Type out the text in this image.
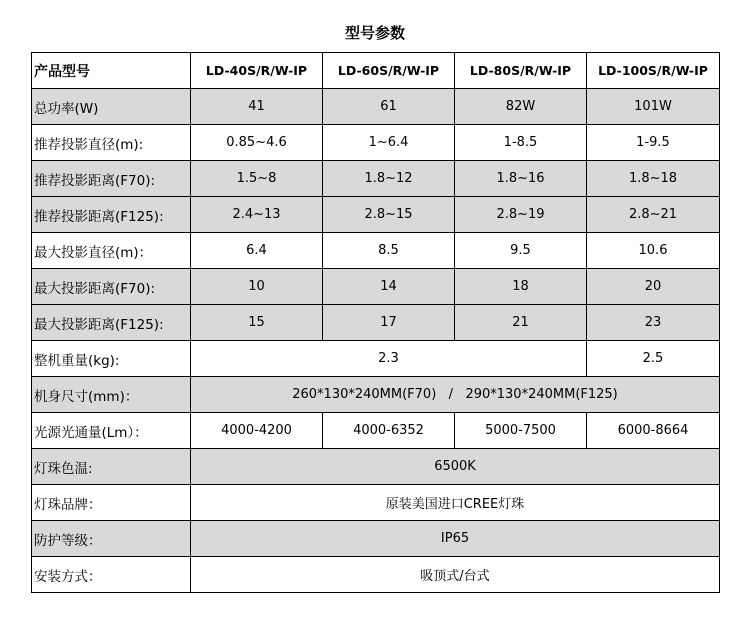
型号参数
产品型号	LD-40S/R/W-IP	LD-60S/R/W-IP	LD-80S/R/W-IP	LD-100S/R/W-IP
总功率(W)	41	61	82W	101W
推荐投影直径(m):	0.85~4.6	1~6.4	1-8.5	1-9.5
推荐投影距离(F70):	1.5~8	1.8~12	1.8~16	1.8~18
推荐投影距离(F125):	2.4~13	2.8~15	2.8~19	2.8~21
最大投影直径(m)：	6.4	8.5	9.5	10.6
最大投影距离(F70):	10	14	18	20
最大投影距离(F125):	15	17	21	23
整机重量(kg):	2.3			2.5
机身尺寸(mm)：	260*130*240MM(F70)   /   290*130*240MM(F125)			
光源光通量(Lm）：	4000-4200	4000-6352	5000-7500	6000-8664
灯珠色温:	6500K			
灯珠品牌：	原装美国进口CREE灯珠			
防护等级：	IP65			
安装方式：	吸顶式/台式			
